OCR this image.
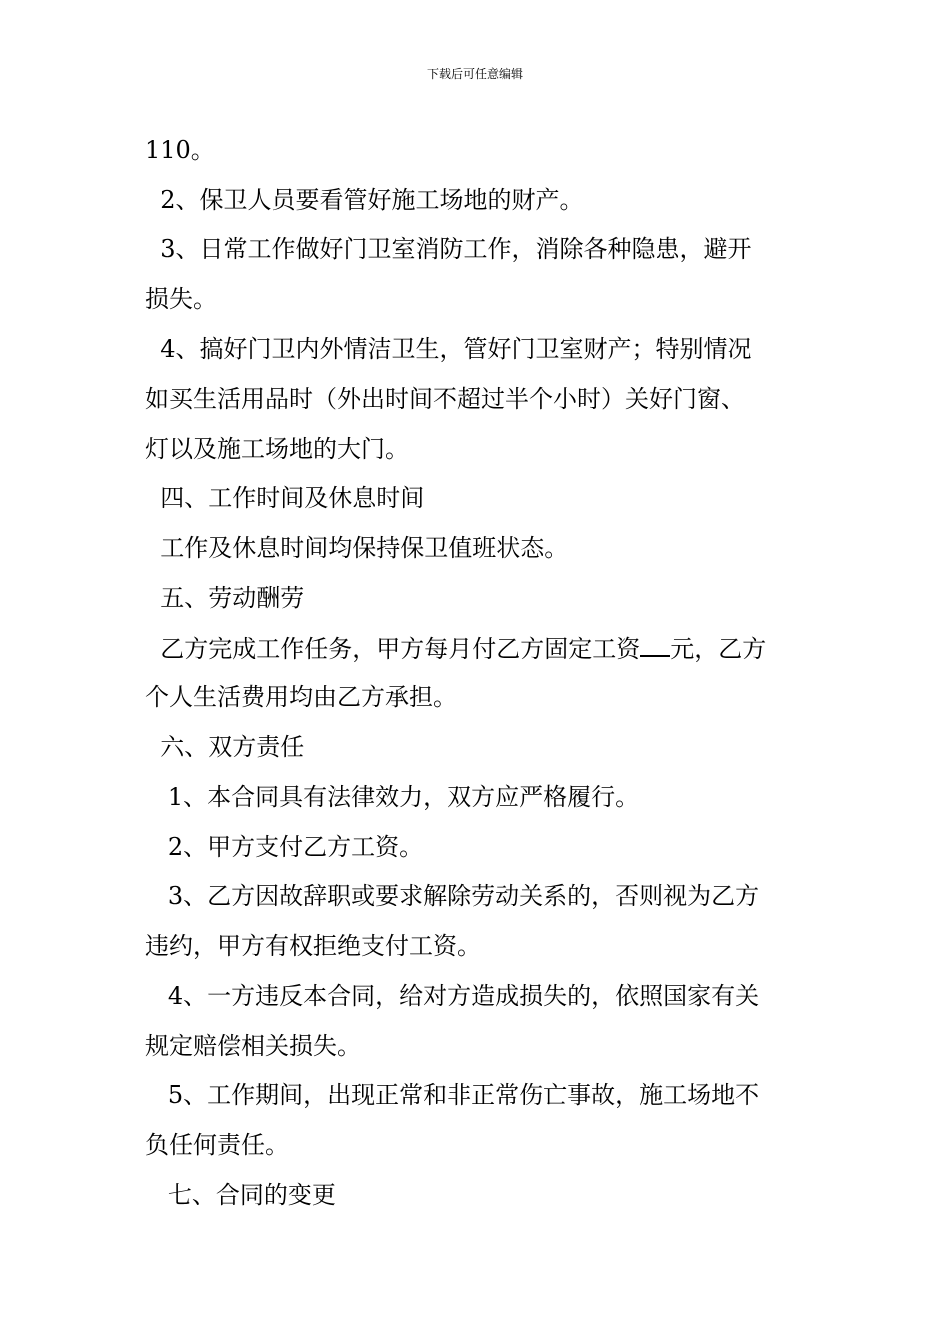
下载后可任意编辑
110。
2、保卫人员要看管好施工场地的财产。
3、日常工作做好门卫室消防工作，消除各种隐患，避开
损失。
4、搞好门卫内外情洁卫生，管好门卫室财产；特别情况
如买生活用品时（外出时间不超过半个小时）关好门窗、
灯以及施工场地的大门。
四、工作时间及休息时间
工作及休息时间均保持保卫值班状态。
五、劳动酬劳
乙方完成工作任务，甲方每月付乙方固定工资 元，乙方
个人生活费用均由乙方承担。
六、双方责任
1、本合同具有法律效力，双方应严格履行。
2、甲方支付乙方工资。
3、乙方因故辞职或要求解除劳动关系的，否则视为乙方
违约，甲方有权拒绝支付工资。
4、一方违反本合同，给对方造成损失的，依照国家有关
规定赔偿相关损失。
5、工作期间，出现正常和非正常伤亡事故，施工场地不
负任何责任。
七、合同的变更
